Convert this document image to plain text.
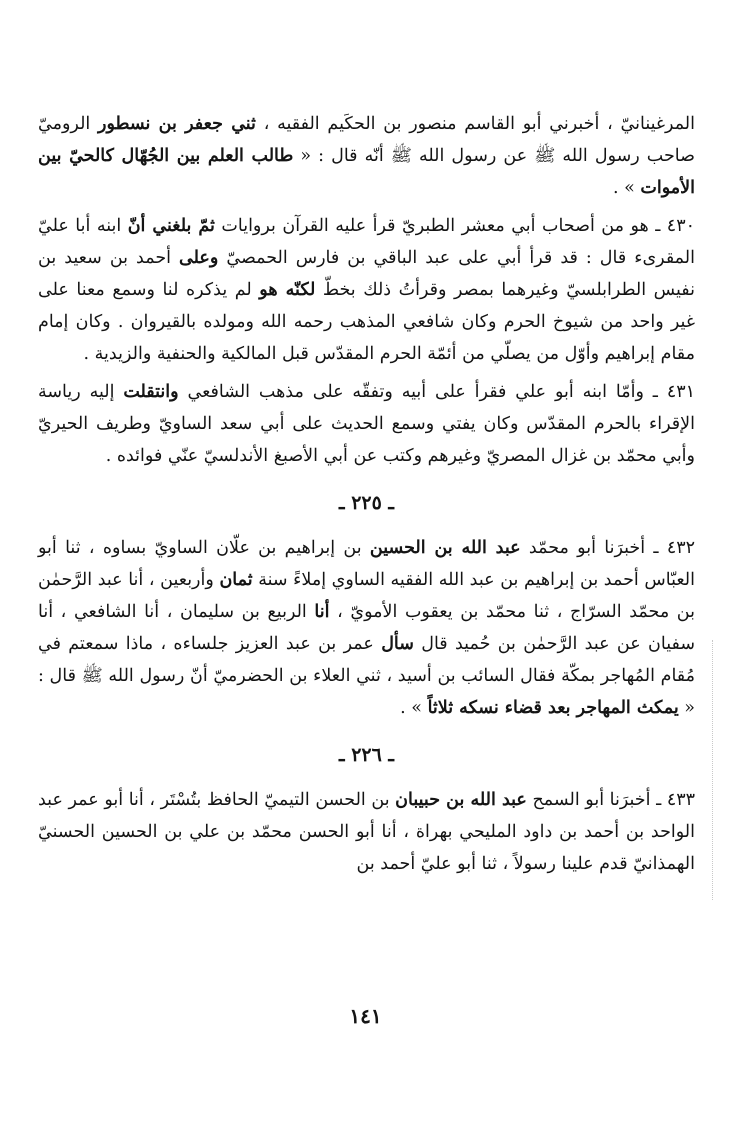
المرغينانيّ ، أخبرني أبو القاسم منصور بن الحكَيم الفقيه ، ثني جعفر بن نسطور الروميّ صاحب رسول الله ﷺ عن رسول الله ﷺ أنّه قال : « طالب العلم بين الجُهّال كالحيّ بين الأموات » .

٤٣٠ ـ هو من أصحاب أبي معشر الطبريّ قرأ عليه القرآن بروايات ثمّ بلغني أنّ ابنه أبا عليّ المقرىء قال : قد قرأ أبي على عبد الباقي بن فارس الحمصيّ وعلى أحمد بن سعيد بن نفيس الطرابلسيّ وغيرهما بمصر وقرأتُ ذلك بخطّ لكنّه هو لم يذكره لنا وسمع معنا على غير واحد من شيوخ الحرم وكان شافعي المذهب رحمه الله ومولده بالقيروان . وكان إمام مقام إبراهيم وأوّل من يصلّي من أئمّة الحرم المقدّس قبل المالكية والحنفية والزيدية .

٤٣١ ـ وأمّا ابنه أبو علي فقرأ على أبيه وتفقّه على مذهب الشافعي وانتقلت إليه رياسة الإقراء بالحرم المقدّس وكان يفتي وسمع الحديث على أبي سعد الساويّ وطريف الحيريّ وأبي محمّد بن غزال المصريّ وغيرهم وكتب عن أبي الأصبغ الأندلسيّ عنّي فوائده .

ـ ٢٢٥ ـ

٤٣٢ ـ أخبرَنا أبو محمّد عبد الله بن الحسين بن إبراهيم بن علّان الساويّ بساوه ، ثنا أبو العبّاس أحمد بن إبراهيم بن عبد الله الفقيه الساوي إملاءً سنة ثمان وأربعين ، أنا عبد الرَّحمٰن بن محمّد السرّاج ، ثنا محمّد بن يعقوب الأمويّ ، أنا الربيع بن سليمان ، أنا الشافعي ، أنا سفيان عن عبد الرَّحمٰن بن حُميد قال سأل عمر بن عبد العزيز جلساءه ، ماذا سمعتم في مُقام المُهاجر بمكّة فقال السائب بن أسيد ، ثني العلاء بن الحضرميّ أنّ رسول الله ﷺ قال : « يمكث المهاجر بعد قضاء نسكه ثلاثاً » .

ـ ٢٢٦ ـ

٤٣٣ ـ أخبرَنا أبو السمح عبد الله بن حبيبان بن الحسن التيميّ الحافظ بتُسْتَر ، أنا أبو عمر عبد الواحد بن أحمد بن داود المليحي بهراة ، أنا أبو الحسن محمّد بن علي بن الحسين الحسنيّ الهمذانيّ قدم علينا رسولاً ، ثنا أبو عليّ أحمد بن

١٤١
